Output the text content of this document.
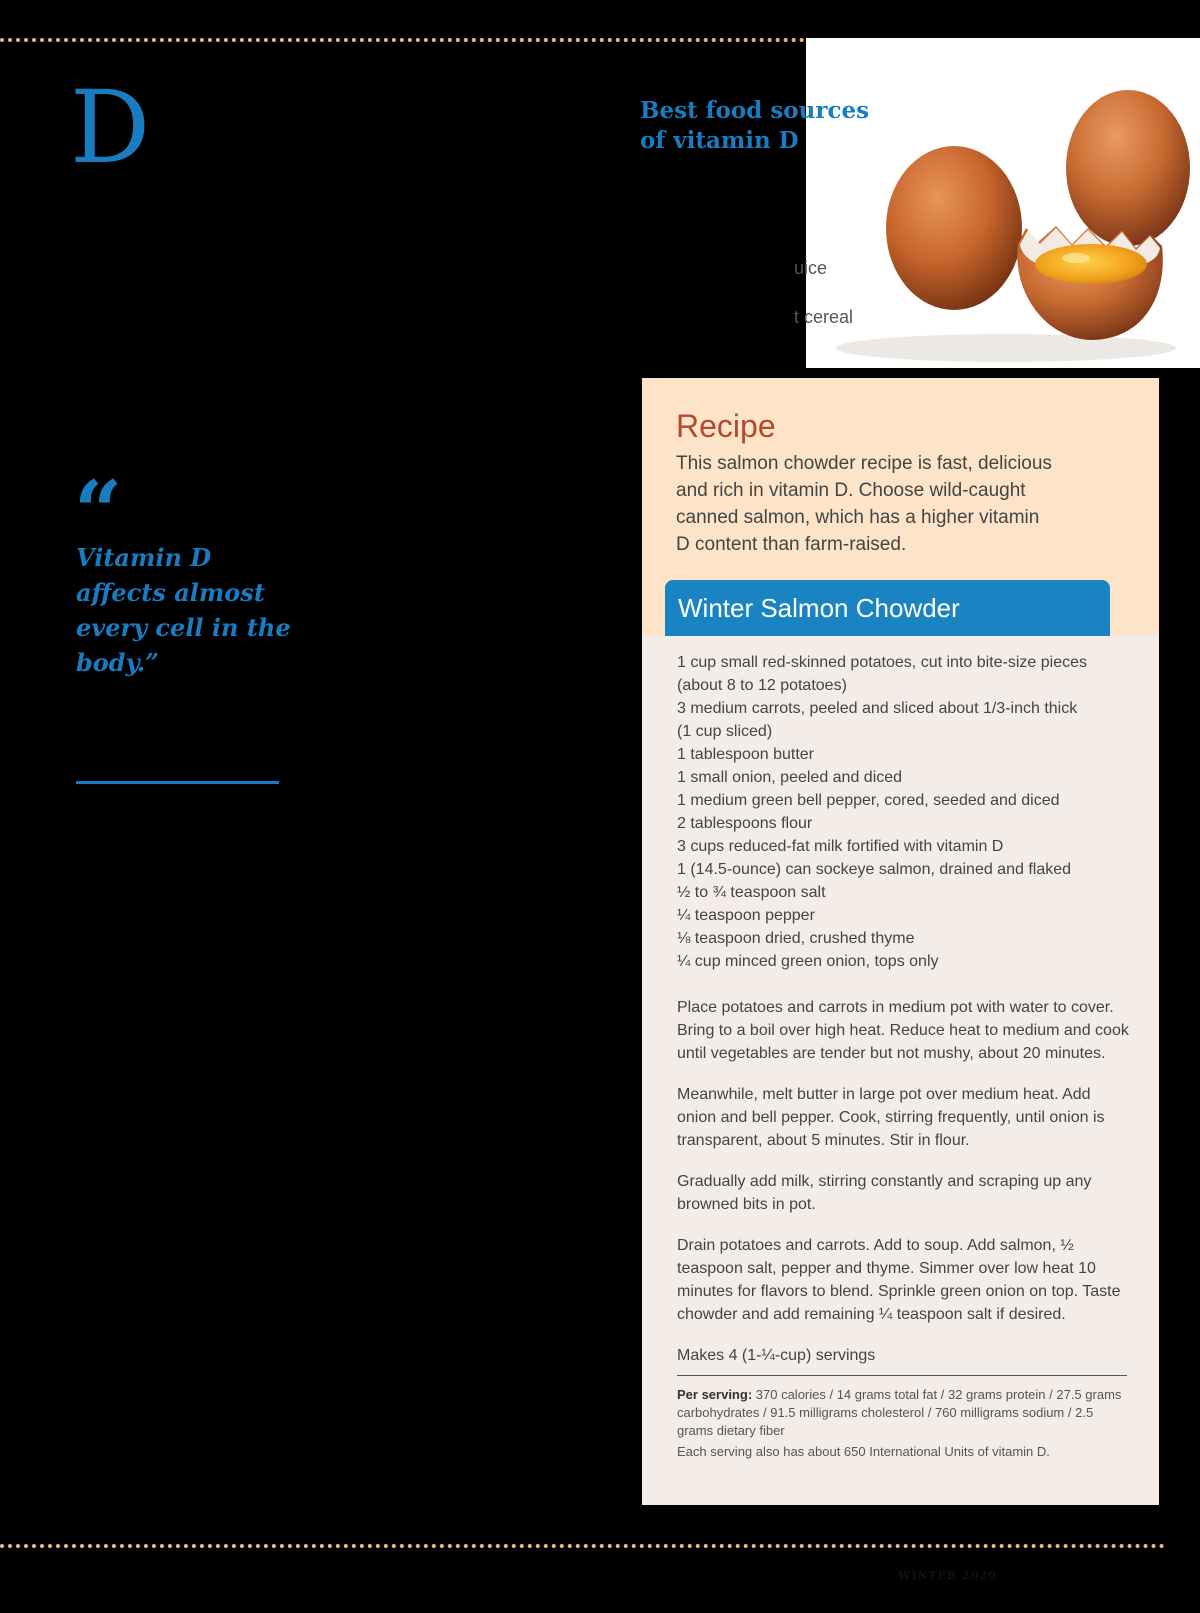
D	Best food sources of vitamin D
uice
t cereal
“
Vitamin D affects almost every cell in the body.”
Recipe
This salmon chowder recipe is fast, delicious and rich in vitamin D. Choose wild-caught canned salmon, which has a higher vitamin D content than farm-raised.
Winter Salmon Chowder
1 cup small red-skinned potatoes, cut into bite-size pieces
(about 8 to 12 potatoes)
3 medium carrots, peeled and sliced about 1/3-inch thick
(1 cup sliced)
1 tablespoon butter
1 small onion, peeled and diced
1 medium green bell pepper, cored, seeded and diced
2 tablespoons flour
3 cups reduced-fat milk fortified with vitamin D
1 (14.5-ounce) can sockeye salmon, drained and flaked
½ to ¾ teaspoon salt
¼ teaspoon pepper
⅛ teaspoon dried, crushed thyme
¼ cup minced green onion, tops only

Place potatoes and carrots in medium pot with water to cover. Bring to a boil over high heat. Reduce heat to medium and cook until vegetables are tender but not mushy, about 20 minutes.

Meanwhile, melt butter in large pot over medium heat. Add onion and bell pepper. Cook, stirring frequently, until onion is transparent, about 5 minutes. Stir in flour.

Gradually add milk, stirring constantly and scraping up any browned bits in pot.

Drain potatoes and carrots. Add to soup. Add salmon, ½ teaspoon salt, pepper and thyme. Simmer over low heat 10 minutes for flavors to blend. Sprinkle green onion on top. Taste chowder and add remaining ¼ teaspoon salt if desired.

Makes 4 (1-¼-cup) servings
Per serving: 370 calories / 14 grams total fat / 32 grams protein / 27.5 grams carbohydrates / 91.5 milligrams cholesterol / 760 milligrams sodium / 2.5 grams dietary fiber
Each serving also has about 650 International Units of vitamin D.
WINTER 2020
